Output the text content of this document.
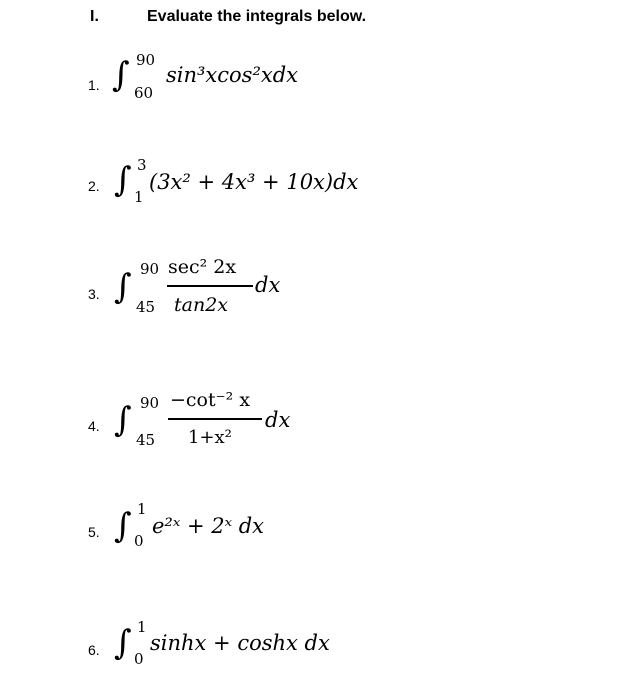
I.	Evaluate the integrals below.
1. ∫ 90
60
sin³xcos²xdx
2. ∫ 3
1
(3x² + 4x³ + 10x)dx
3. ∫ 90
45
sec² 2x
tan2x
dx
4. ∫ 90
45
−cot⁻² x
1+x²
dx
5. ∫ 1
0
e²ˣ + 2ˣ dx
6. ∫ 1
0
sinhx + coshx dx
